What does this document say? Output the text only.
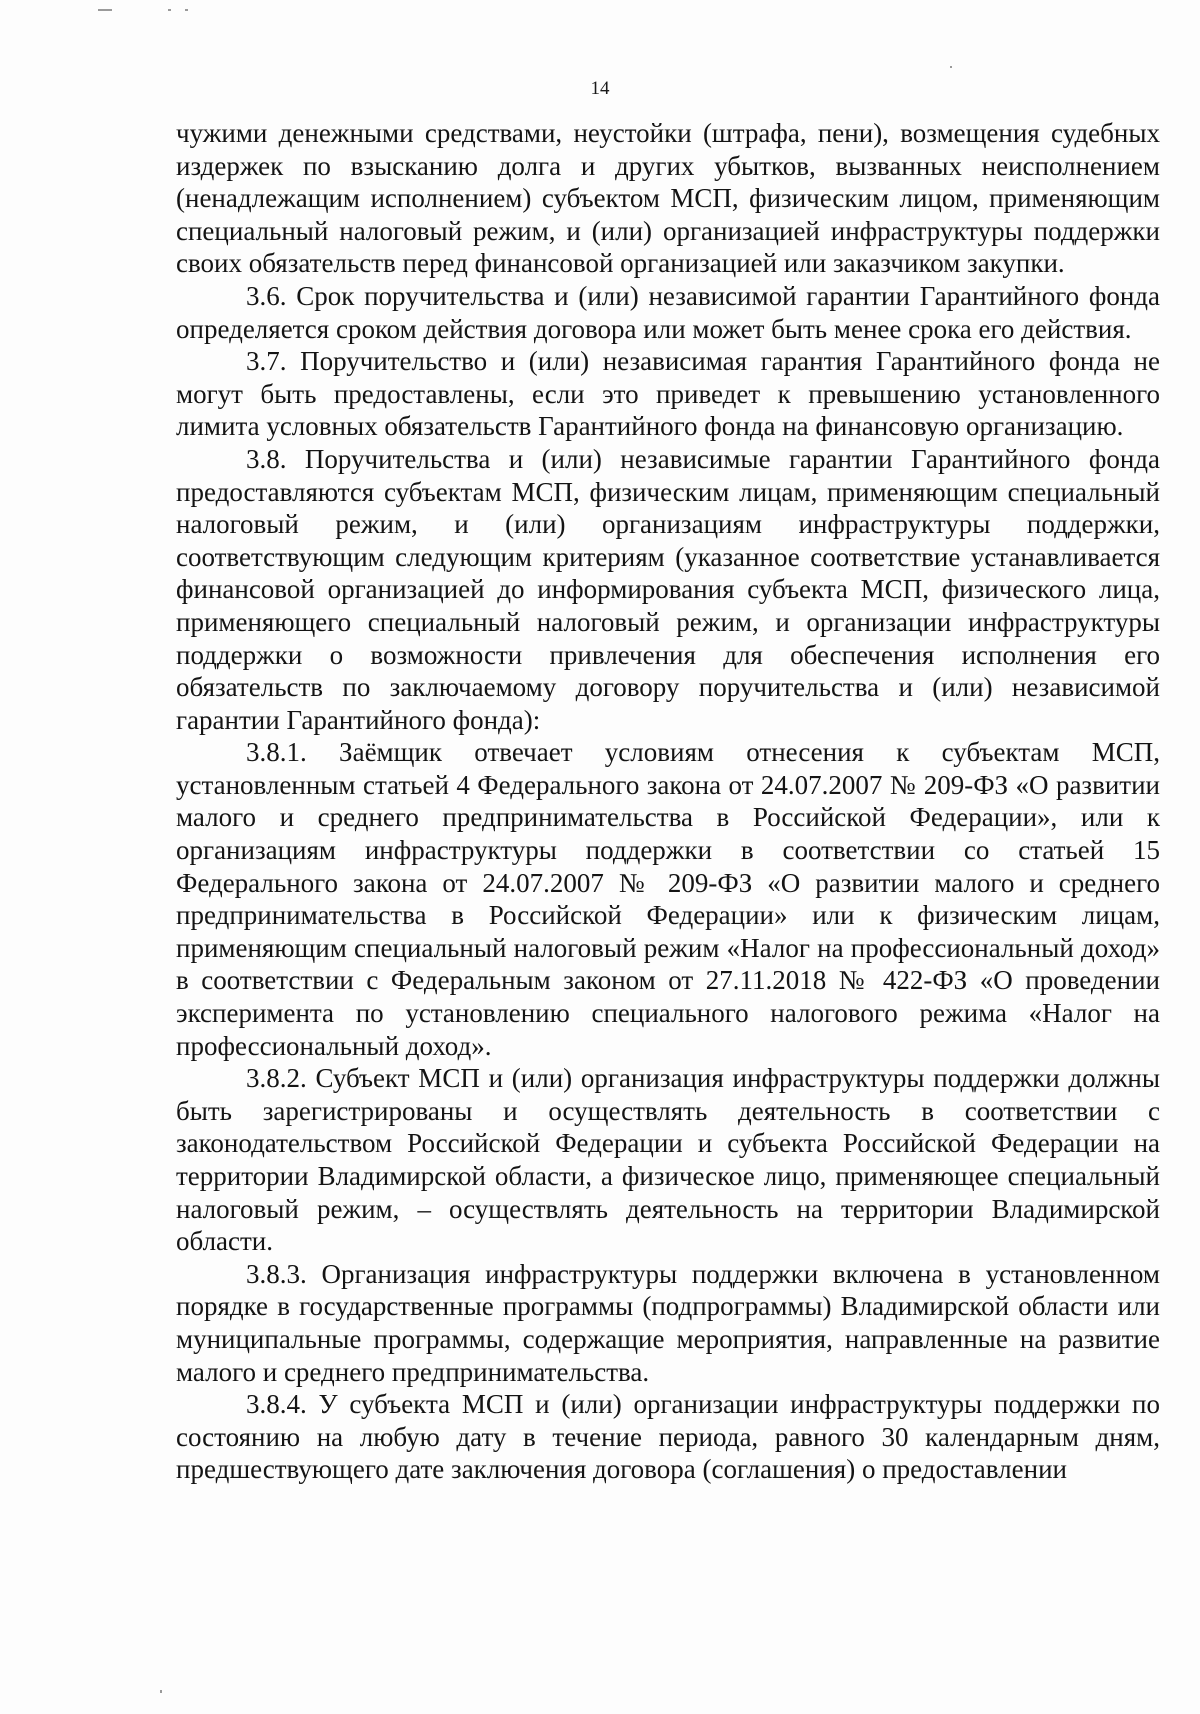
14

чужими денежными средствами, неустойки (штрафа, пени), возмещения судебных издержек по взысканию долга и других убытков, вызванных неисполнением (ненадлежащим исполнением) субъектом МСП, физическим лицом, применяющим специальный налоговый режим, и (или) организацией инфраструктуры поддержки своих обязательств перед финансовой организацией или заказчиком закупки.

3.6. Срок поручительства и (или) независимой гарантии Гарантийного фонда определяется сроком действия договора или может быть менее срока его действия.

3.7. Поручительство и (или) независимая гарантия Гарантийного фонда не могут быть предоставлены, если это приведет к превышению установленного лимита условных обязательств Гарантийного фонда на финансовую организацию.

3.8. Поручительства и (или) независимые гарантии Гарантийного фонда предоставляются субъектам МСП, физическим лицам, применяющим специальный налоговый режим, и (или) организациям инфраструктуры поддержки, соответствующим следующим критериям (указанное соответствие устанавливается финансовой организацией до информирования субъекта МСП, физического лица, применяющего специальный налоговый режим, и организации инфраструктуры поддержки о возможности привлечения для обеспечения исполнения его обязательств по заключаемому договору поручительства и (или) независимой гарантии Гарантийного фонда):

3.8.1. Заёмщик отвечает условиям отнесения к субъектам МСП, установленным статьей 4 Федерального закона от 24.07.2007 № 209-ФЗ «О развитии малого и среднего предпринимательства в Российской Федерации», или к организациям инфраструктуры поддержки в соответствии со статьей 15 Федерального закона от 24.07.2007 № 209-ФЗ «О развитии малого и среднего предпринимательства в Российской Федерации» или к физическим лицам, применяющим специальный налоговый режим «Налог на профессиональный доход» в соответствии с Федеральным законом от 27.11.2018 № 422-ФЗ «О проведении эксперимента по установлению специального налогового режима «Налог на профессиональный доход».

3.8.2. Субъект МСП и (или) организация инфраструктуры поддержки должны быть зарегистрированы и осуществлять деятельность в соответствии с законодательством Российской Федерации и субъекта Российской Федерации на территории Владимирской области, а физическое лицо, применяющее специальный налоговый режим, – осуществлять деятельность на территории Владимирской области.

3.8.3. Организация инфраструктуры поддержки включена в установленном порядке в государственные программы (подпрограммы) Владимирской области или муниципальные программы, содержащие мероприятия, направленные на развитие малого и среднего предпринимательства.

3.8.4. У субъекта МСП и (или) организации инфраструктуры поддержки по состоянию на любую дату в течение периода, равного 30 календарным дням, предшествующего дате заключения договора (соглашения) о предоставлении
